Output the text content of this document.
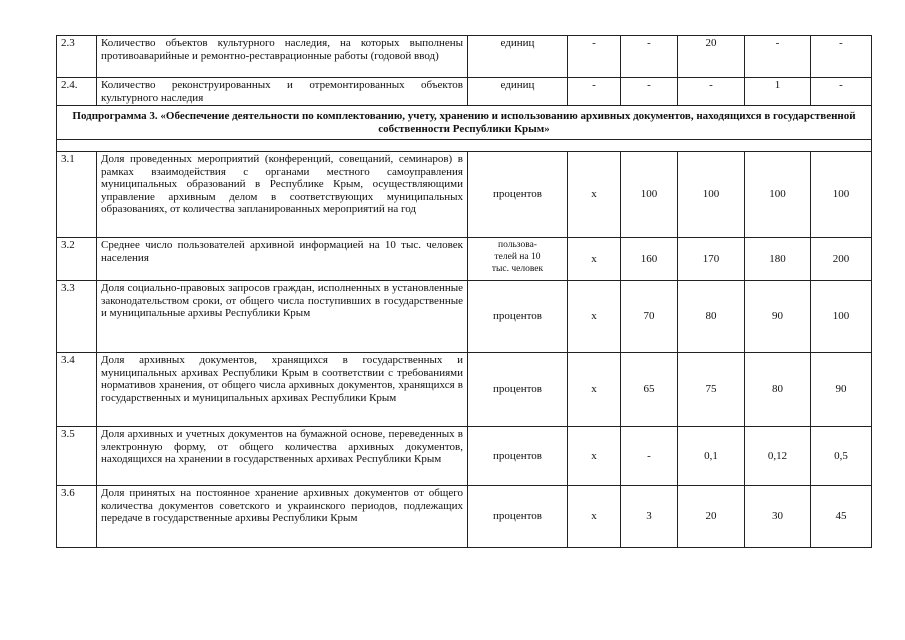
2.3	Количество объектов культурного наследия, на которых выполнены противоаварийные и ремонтно-реставрационные работы (годовой ввод)	единиц	-	-	20	-	-
2.4.	Количество реконструированных и отремонтированных объектов культурного наследия	единиц	-	-	-	1	-
Подпрограмма 3. «Обеспечение деятельности по комплектованию, учету, хранению и использованию архивных документов, находящихся в государственной собственности Республики Крым»							

3.1	Доля проведенных мероприятий (конференций, совещаний, семинаров) в рамках взаимодействия с органами местного самоуправления муниципальных образований в Республике Крым, осуществляющими управление архивным делом в соответствующих муниципальных образованиях, от количества запланированных мероприятий на год	процентов	x	100	100	100	100
3.2	Среднее число пользователей архивной информацией на 10 тыс. человек населения	пользова-
телей на 10
тыс. человек	x	160	170	180	200
3.3	Доля социально-правовых запросов граждан, исполненных в установленные законодательством сроки, от общего числа поступивших в государственные и муниципальные архивы Республики Крым	процентов	x	70	80	90	100
3.4	Доля архивных документов, хранящихся в государственных и муниципальных архивах Республики Крым в соответствии с требованиями нормативов хранения, от общего числа архивных документов, хранящихся в государственных и муниципальных архивах Республики Крым	процентов	x	65	75	80	90
3.5	Доля архивных и учетных документов на бумажной основе, переведенных в электронную форму, от общего количества архивных документов, находящихся на хранении в государственных архивах Республики Крым	процентов	x	-	0,1	0,12	0,5
3.6	Доля принятых на постоянное хранение архивных документов от общего количества документов советского и украинского периодов, подлежащих передаче в государственные архивы Республики Крым	процентов	x	3	20	30	45
